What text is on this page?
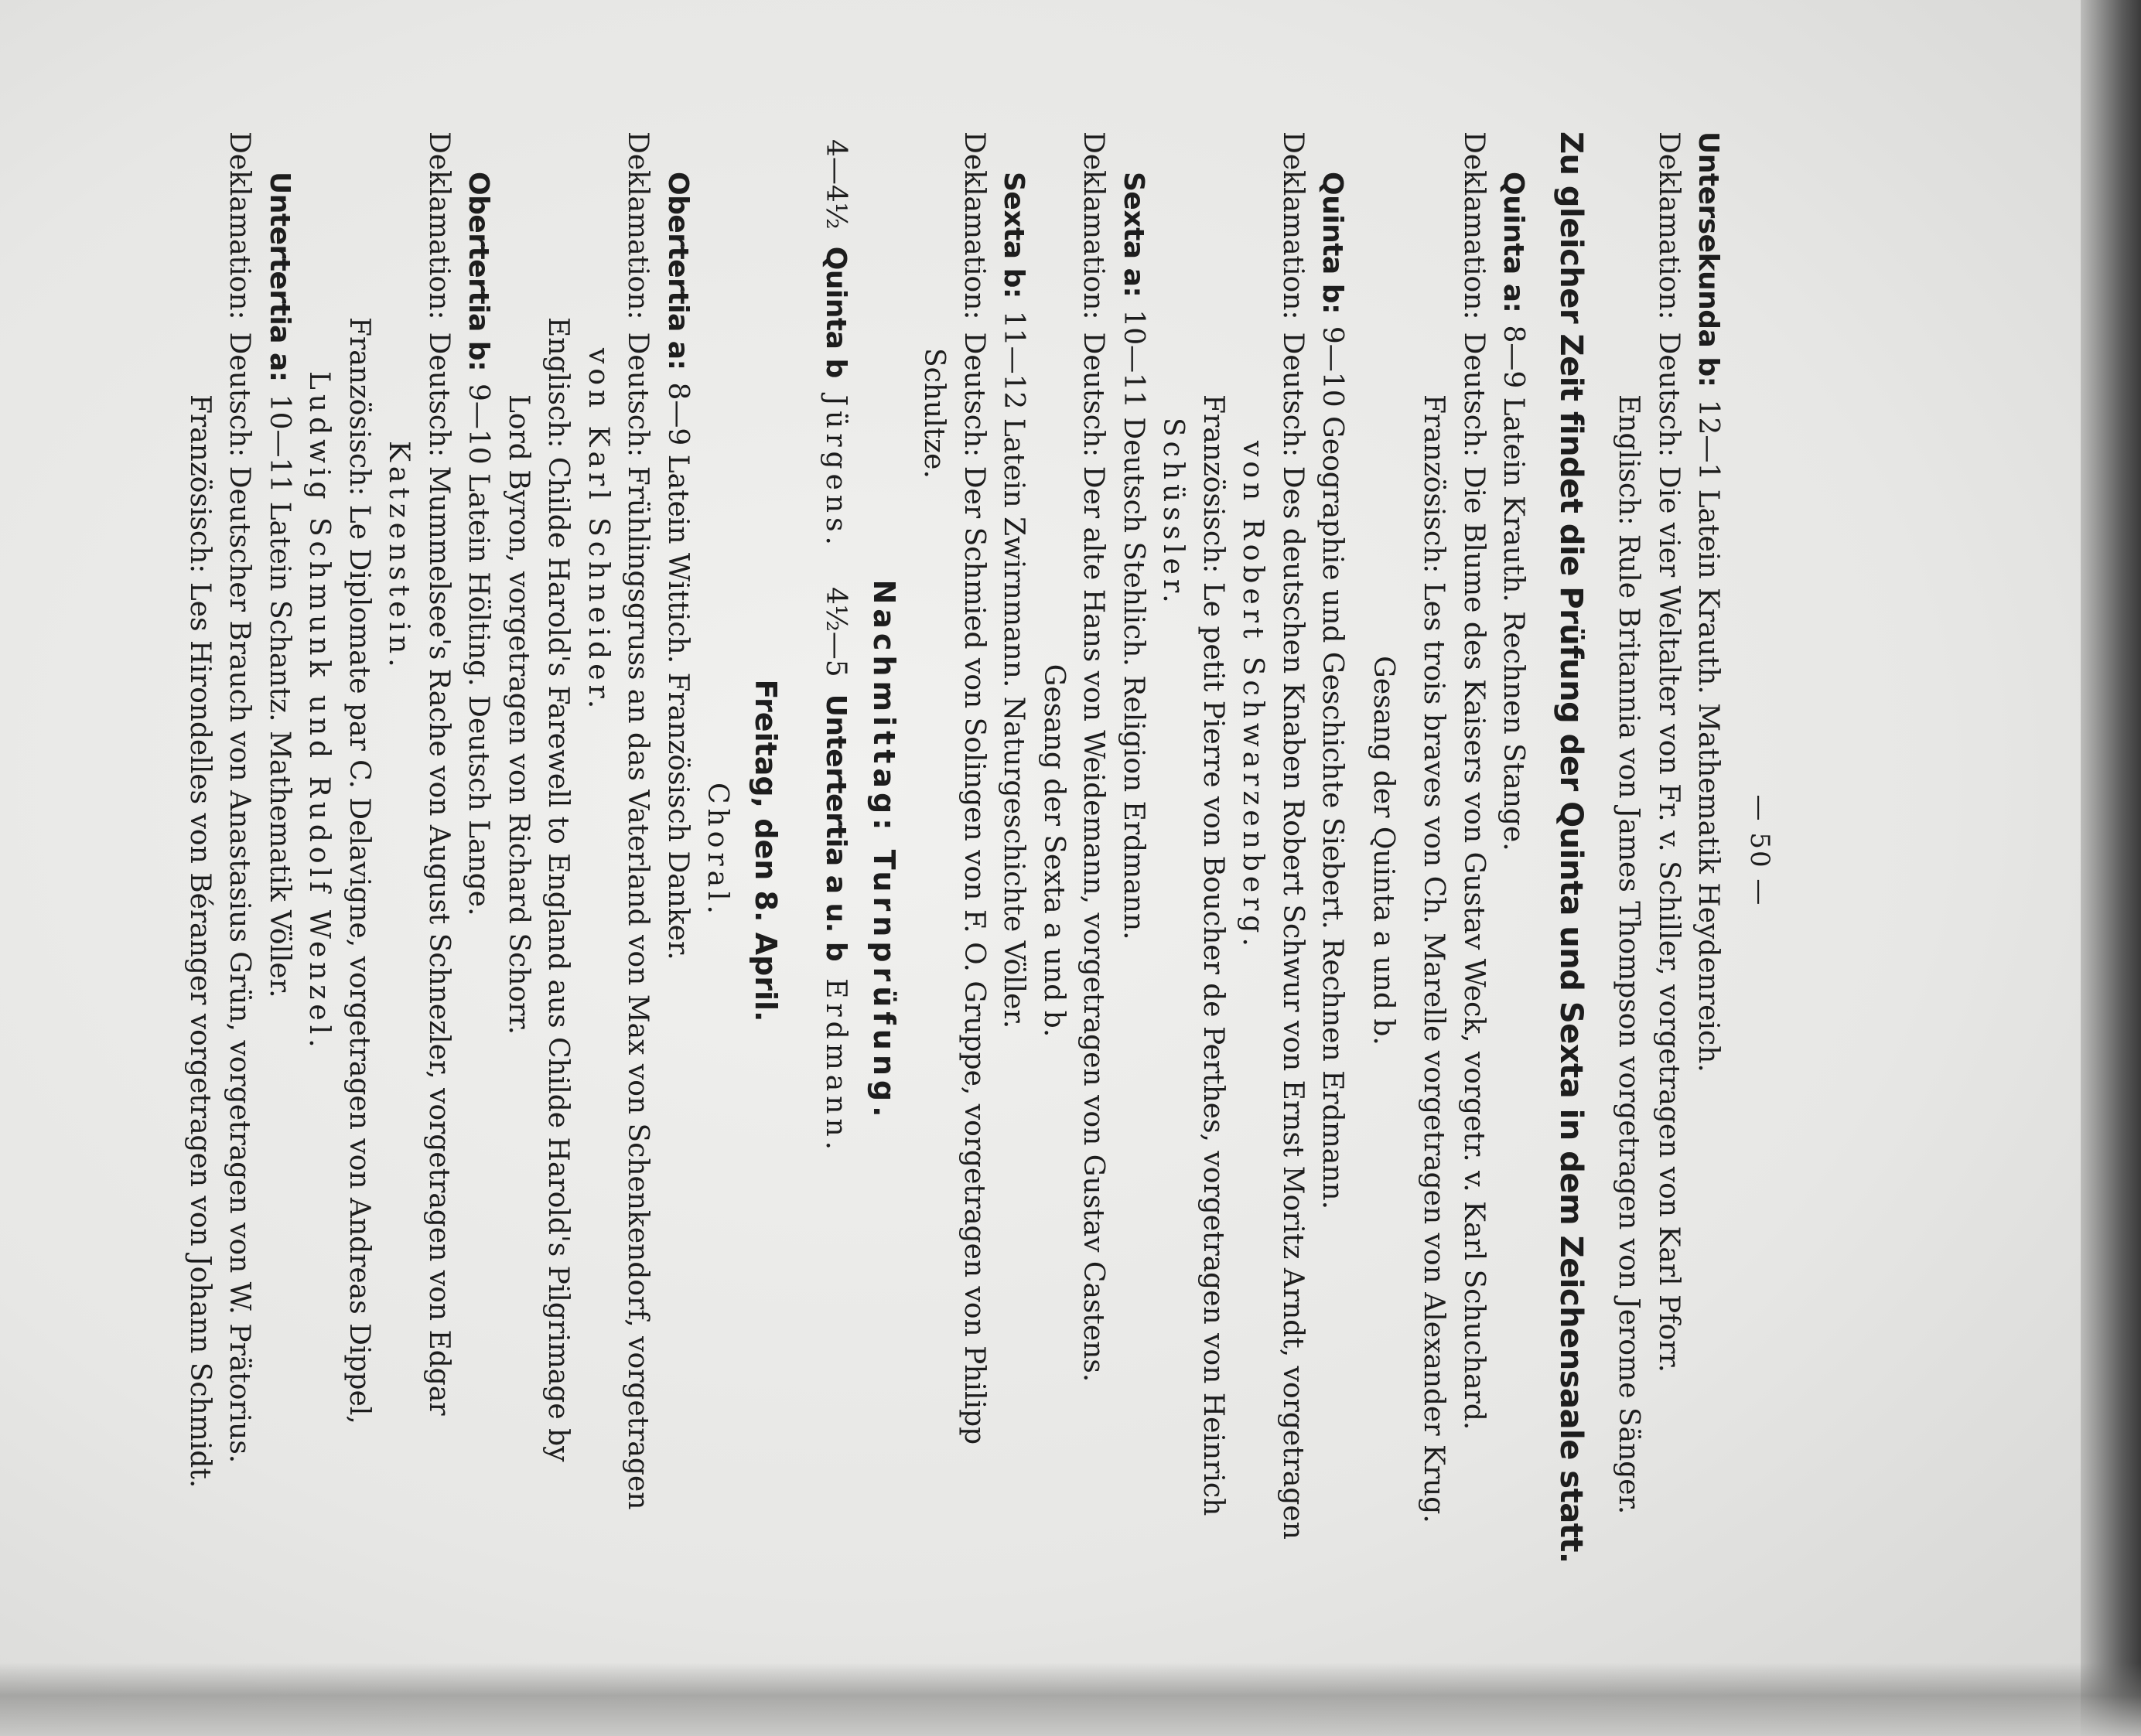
— 50 —
Untersekunda b:
12—1 Latein Krauth. Mathematik Heydenreich.
Deklamation:
Deutsch: Die vier Weltalter von Fr. v. Schiller, vorgetragen von Karl Pforr.
Englisch: Rule Britannia von James Thompson vorgetragen von Jerome Sänger.
Zu gleicher Zeit findet die Prüfung der Quinta und Sexta in dem Zeichensaale statt.
Quinta a:
8—9 Latein Krauth. Rechnen Stange.
Deklamation:
Deutsch: Die Blume des Kaisers von Gustav Weck, vorgetr. v. Karl Schuchard.
Französisch: Les trois braves von Ch. Marelle vorgetragen von Alexander Krug.
Gesang der Quinta a und b.
Quinta b:
9—10 Geographie und Geschichte Siebert. Rechnen Erdmann.
Deklamation:
Deutsch: Des deutschen Knaben Robert Schwur von Ernst Moritz Arndt, vorgetragen
von Robert Schwarzenberg.
Französisch: Le petit Pierre von Boucher de Perthes, vorgetragen von Heinrich
Schüssler.
Sexta a:
10—11 Deutsch Stehlich. Religion Erdmann.
Deklamation:
Deutsch: Der alte Hans von Weidemann, vorgetragen von Gustav Castens.
Gesang der Sexta a und b.
Sexta b:
11—12 Latein Zwirnmann. Naturgeschichte Völler.
Deklamation:
Deutsch: Der Schmied von Solingen von F. O. Gruppe, vorgetragen von Philipp
Schultze.
Nachmittag: Turnprüfung.
4—4½
Quinta b
Jürgens.
4½—5
Untertertia a u. b
Erdmann.
Freitag, den 8. April.
Choral.
Obertertia a:
8—9 Latein Wittich. Französisch Danker.
Deklamation:
Deutsch: Frühlingsgruss an das Vaterland von Max von Schenkendorf, vorgetragen
von Karl Schneider.
Englisch: Childe Harold's Farewell to England aus Childe Harold's Pilgrimage by
Lord Byron, vorgetragen von Richard Schorr.
Obertertia b:
9—10 Latein Hölting. Deutsch Lange.
Deklamation:
Deutsch: Mummelsee's Rache von August Schnezler, vorgetragen von Edgar
Katzenstein.
Französisch: Le Diplomate par C. Delavigne, vorgetragen von Andreas Dippel,
Ludwig Schmunk und Rudolf Wenzel.
Untertertia a:
10—11 Latein Schantz. Mathematik Völler.
Deklamation:
Deutsch: Deutscher Brauch von Anastasius Grün, vorgetragen von W. Prätorius.
Französisch: Les Hirondelles von Béranger vorgetragen von Johann Schmidt.
